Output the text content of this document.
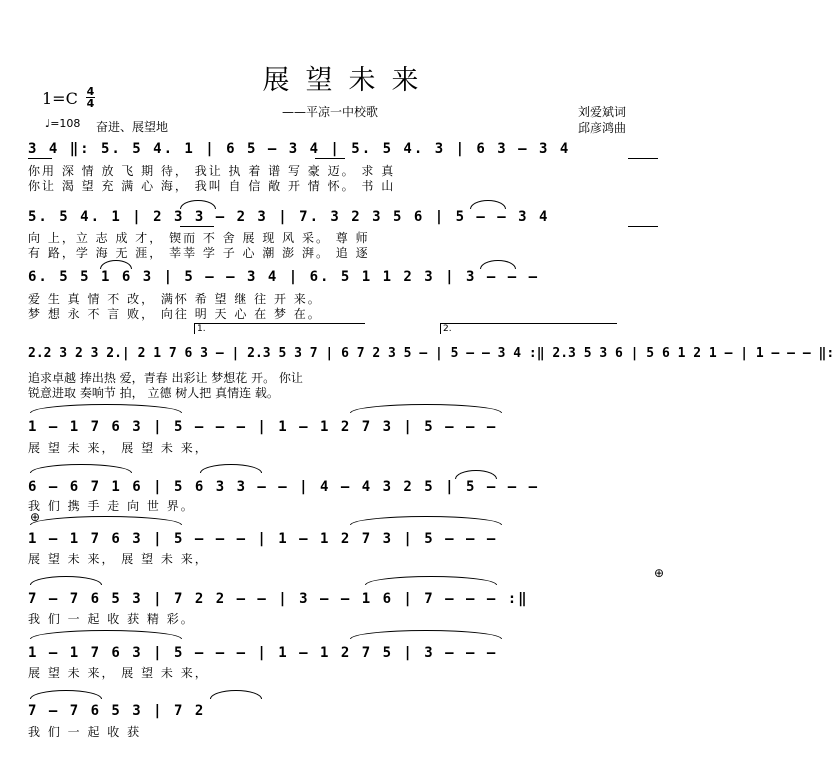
展望未来
——平凉一中校歌	刘爱斌词
邱彦鸿曲
1=C 4
4
♩=108 奋进、展望地
3 4 ‖: 5. 5 4. 1 | 6 5 – 3 4 | 5. 5 4. 3 | 6 3 – 3 4
你用 深 情 放 飞 期 待， 我让 执 着 谱 写 豪 迈。 求 真
你让 渴 望 充 满 心 海， 我叫 自 信 敞 开 情 怀。 书 山
5. 5 4. 1 | 2 3 3 – 2 3 | 7. 3 2 3 5 6 | 5 – – 3 4
向 上，立 志 成 才， 锲而 不 舍 展 现 风 采。 尊 师
有 路，学 海 无 涯， 莘莘 学 子 心 潮 澎 湃。 追 逐
6. 5 5 1 6 3 | 5 – – 3 4 | 6. 5 1 1 2 3 | 3 – – –
爱 生 真 情 不 改， 满怀 希 望 继 往 开 来。
梦 想 永 不 言 败， 向往 明 天 心 在 梦 在。
1.	2.
2.2 3 2 3 2.| 2 1 7 6 3 – | 2.3 5 3 7 | 6 7 2 3 5 – | 5 – – 3 4 :‖ 2.3 5 3 6 | 5 6 1 2 1 – | 1 – – – ‖:
追求卓越 捧出热 爱，青春 出彩让 梦想花 开。 你让
锐意进取 奏响节 拍， 立德 树人把 真情连 载。
1 – 1 7 6 3 | 5 – – – | 1 – 1 2 7 3 | 5 – – –
展 望 未 来， 展 望 未 来，
6 – 6 7 1 6 | 5 6 3 3 – – | 4 – 4 3 2 5 | 5 – – –
我 们 携 手 走 向 世 界。
⊕
1 – 1 7 6 3 | 5 – – – | 1 – 1 2 7 3 | 5 – – –
展 望 未 来， 展 望 未 来，
⊕
7 – 7 6 5 3 | 7 2 2 – – | 3 – – 1 6 | 7 – – – :‖
我 们 一 起 收 获 精 彩。
1 – 1 7 6 3 | 5 – – – | 1 – 1 2 7 5 | 3 – – –
展 望 未 来， 展 望 未 来，
7 – 7 6 5 3 | 7 2
我 们 一 起 收 获
